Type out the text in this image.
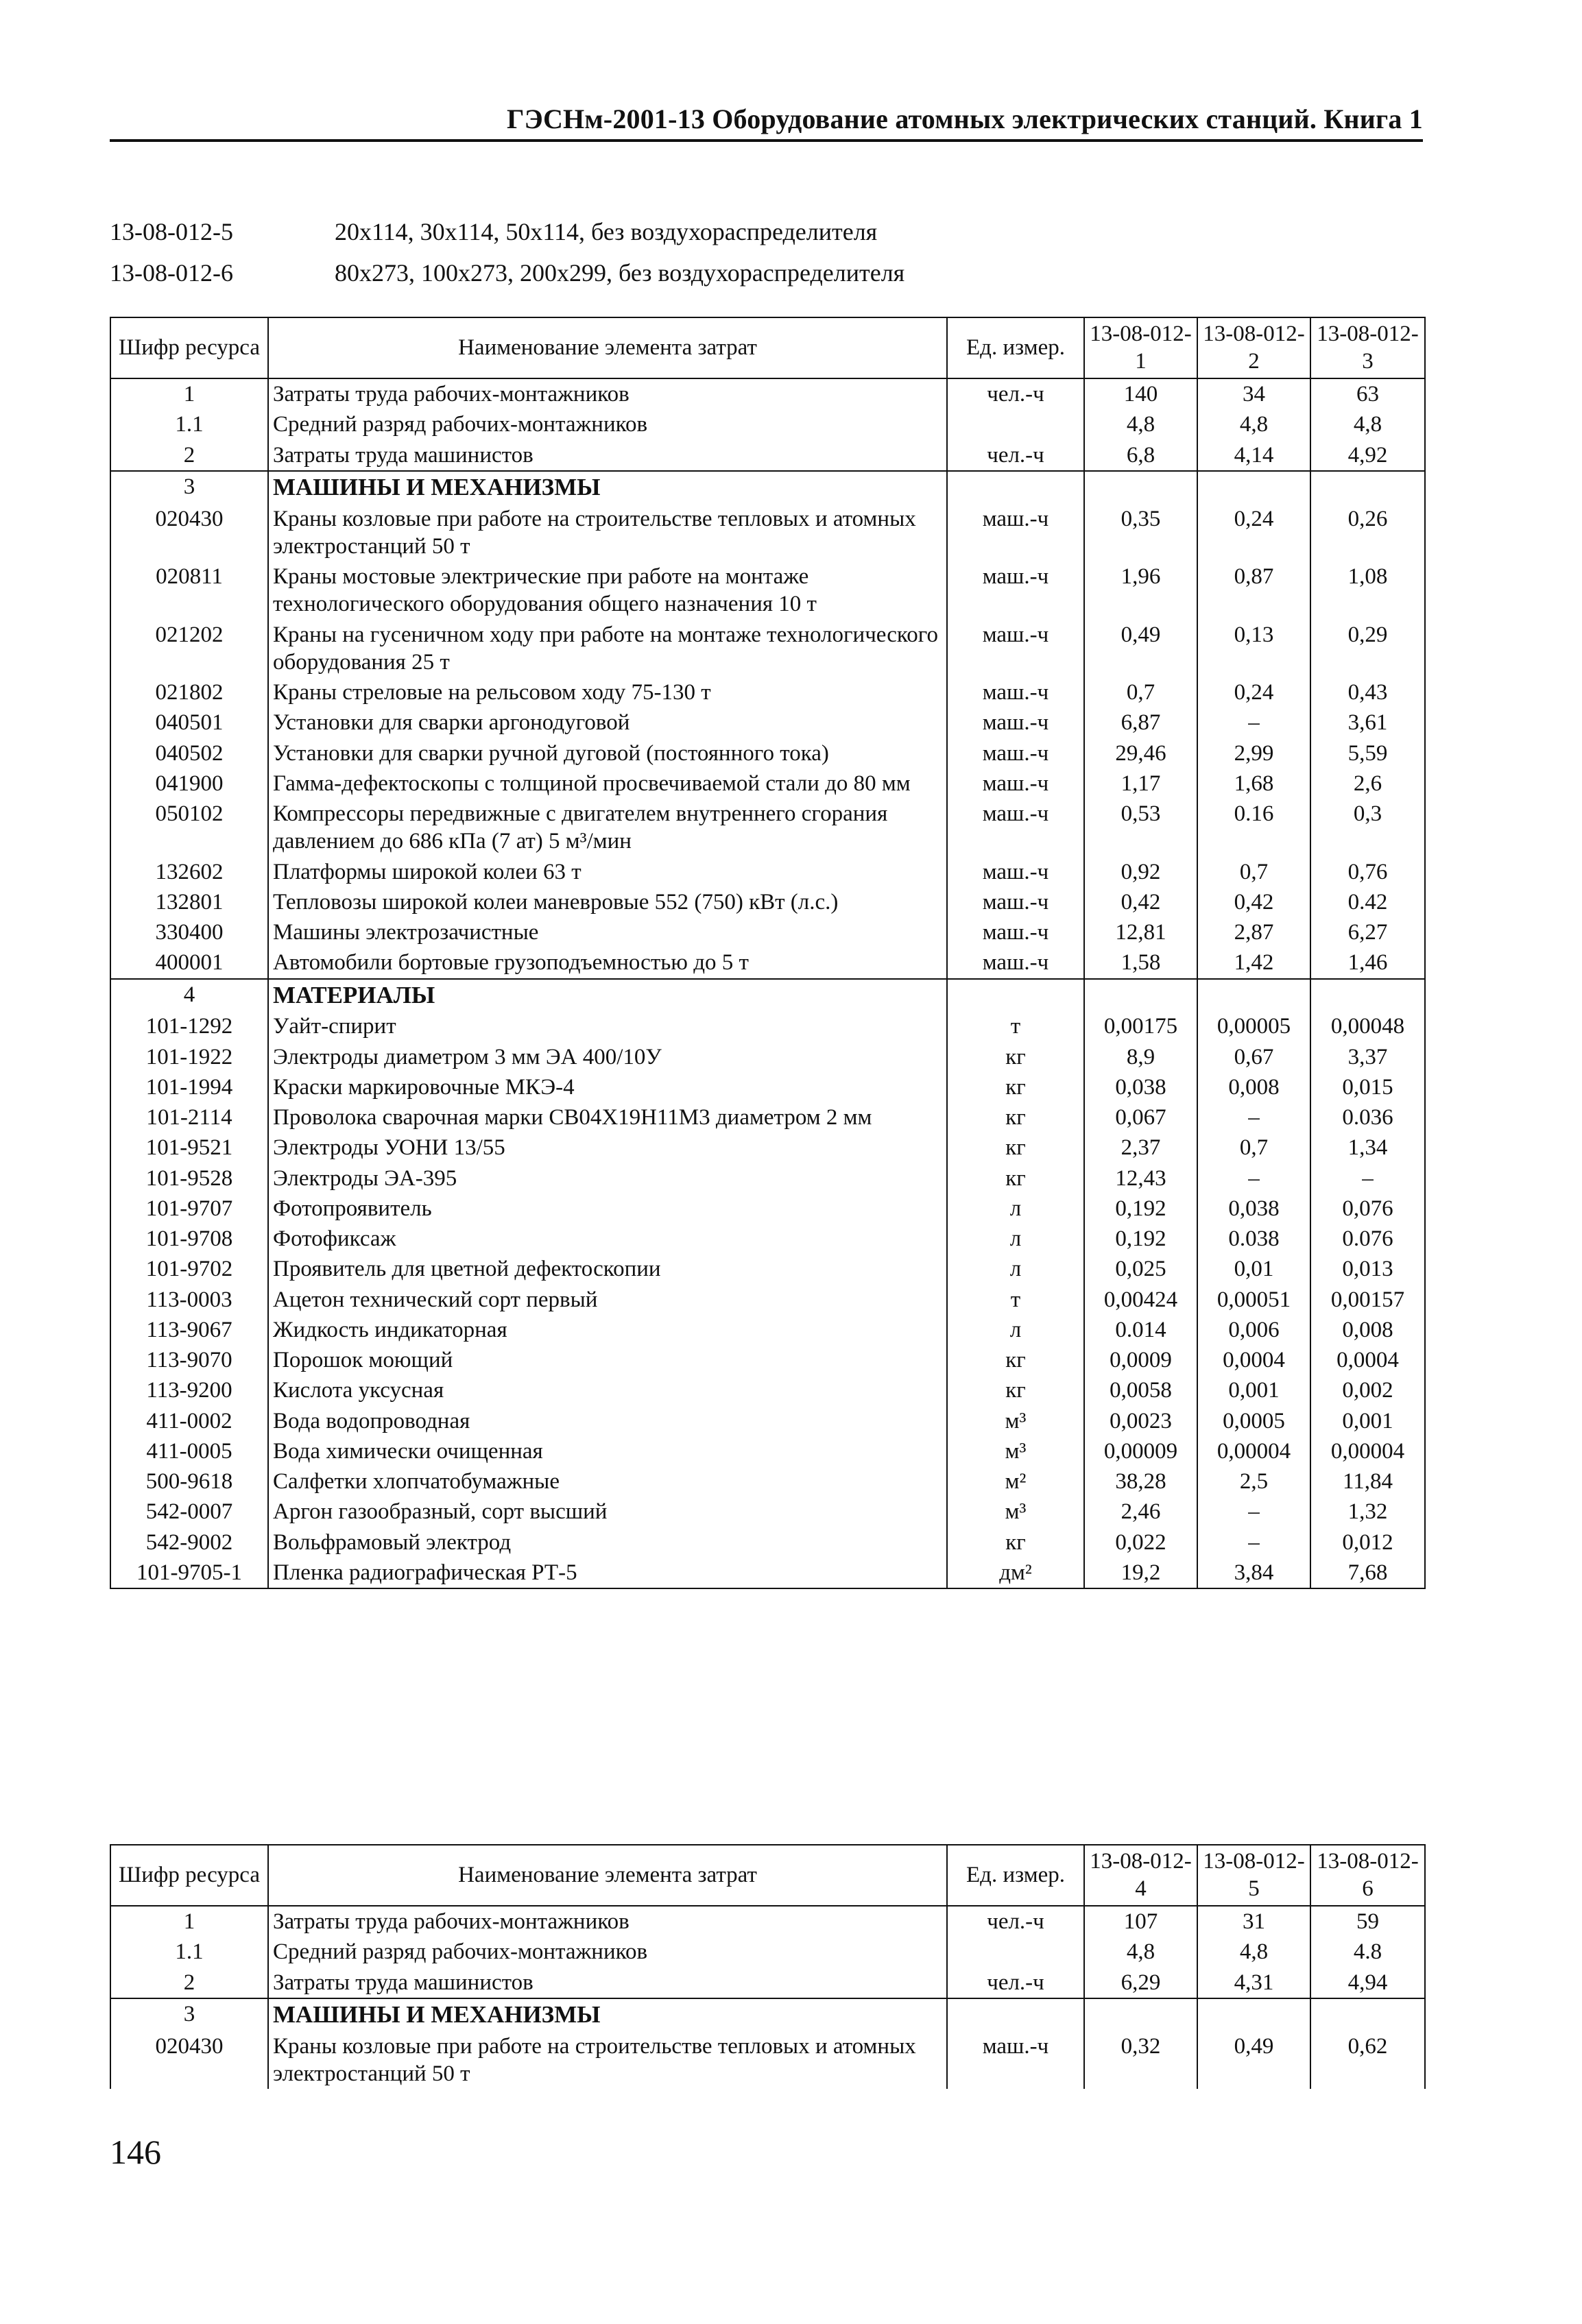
ГЭСНм-2001-13 Оборудование атомных электрических станций. Книга 1
13-08-012-5	20x114, 30x114, 50x114, без воздухораспределителя
13-08-012-6	80x273, 100x273, 200x299, без воздухораспределителя
Шифр ресурса	Наименование элемента затрат	Ед. измер.	13-08-012-1	13-08-012-2	13-08-012-3
1	Затраты труда рабочих-монтажников	чел.-ч	140	34	63
1.1	Средний разряд рабочих-монтажников		4,8	4,8	4,8
2	Затраты труда машинистов	чел.-ч	6,8	4,14	4,92
3	МАШИНЫ И МЕХАНИЗМЫ				
020430	Краны козловые при работе на строительстве тепловых и атомных электростанций 50 т	маш.-ч	0,35	0,24	0,26
020811	Краны мостовые электрические при работе на монтаже технологического оборудования общего назначения 10 т	маш.-ч	1,96	0,87	1,08
021202	Краны на гусеничном ходу при работе на монтаже технологического оборудования 25 т	маш.-ч	0,49	0,13	0,29
021802	Краны стреловые на рельсовом ходу 75-130 т	маш.-ч	0,7	0,24	0,43
040501	Установки для сварки аргонодуговой	маш.-ч	6,87	–	3,61
040502	Установки для сварки ручной дуговой (постоянного тока)	маш.-ч	29,46	2,99	5,59
041900	Гамма-дефектоскопы с толщиной просвечиваемой стали до 80 мм	маш.-ч	1,17	1,68	2,6
050102	Компрессоры передвижные с двигателем внутреннего сгорания давлением до 686 кПа (7 ат) 5 м³/мин	маш.-ч	0,53	0.16	0,3
132602	Платформы широкой колеи 63 т	маш.-ч	0,92	0,7	0,76
132801	Тепловозы широкой колеи маневровые 552 (750) кВт (л.с.)	маш.-ч	0,42	0,42	0.42
330400	Машины электрозачистные	маш.-ч	12,81	2,87	6,27
400001	Автомобили бортовые грузоподъемностью до 5 т	маш.-ч	1,58	1,42	1,46
4	МАТЕРИАЛЫ				
101-1292	Уайт-спирит	т	0,00175	0,00005	0,00048
101-1922	Электроды диаметром 3 мм ЭА 400/10У	кг	8,9	0,67	3,37
101-1994	Краски маркировочные МКЭ-4	кг	0,038	0,008	0,015
101-2114	Проволока сварочная марки СВ04Х19Н11М3 диаметром 2 мм	кг	0,067	–	0.036
101-9521	Электроды УОНИ 13/55	кг	2,37	0,7	1,34
101-9528	Электроды ЭА-395	кг	12,43	–	–
101-9707	Фотопроявитель	л	0,192	0,038	0,076
101-9708	Фотофиксаж	л	0,192	0.038	0.076
101-9702	Проявитель для цветной дефектоскопии	л	0,025	0,01	0,013
113-0003	Ацетон технический сорт первый	т	0,00424	0,00051	0,00157
113-9067	Жидкость индикаторная	л	0.014	0,006	0,008
113-9070	Порошок моющий	кг	0,0009	0,0004	0,0004
113-9200	Кислота уксусная	кг	0,0058	0,001	0,002
411-0002	Вода водопроводная	м³	0,0023	0,0005	0,001
411-0005	Вода химически очищенная	м³	0,00009	0,00004	0,00004
500-9618	Салфетки хлопчатобумажные	м²	38,28	2,5	11,84
542-0007	Аргон газообразный, сорт высший	м³	2,46	–	1,32
542-9002	Вольфрамовый электрод	кг	0,022	–	0,012
101-9705-1	Пленка радиографическая РТ-5	дм²	19,2	3,84	7,68
Шифр ресурса	Наименование элемента затрат	Ед. измер.	13-08-012-4	13-08-012-5	13-08-012-6
1	Затраты труда рабочих-монтажников	чел.-ч	107	31	59
1.1	Средний разряд рабочих-монтажников		4,8	4,8	4.8
2	Затраты труда машинистов	чел.-ч	6,29	4,31	4,94
3	МАШИНЫ И МЕХАНИЗМЫ				
020430	Краны козловые при работе на строительстве тепловых и атомных электростанций 50 т	маш.-ч	0,32	0,49	0,62
146
